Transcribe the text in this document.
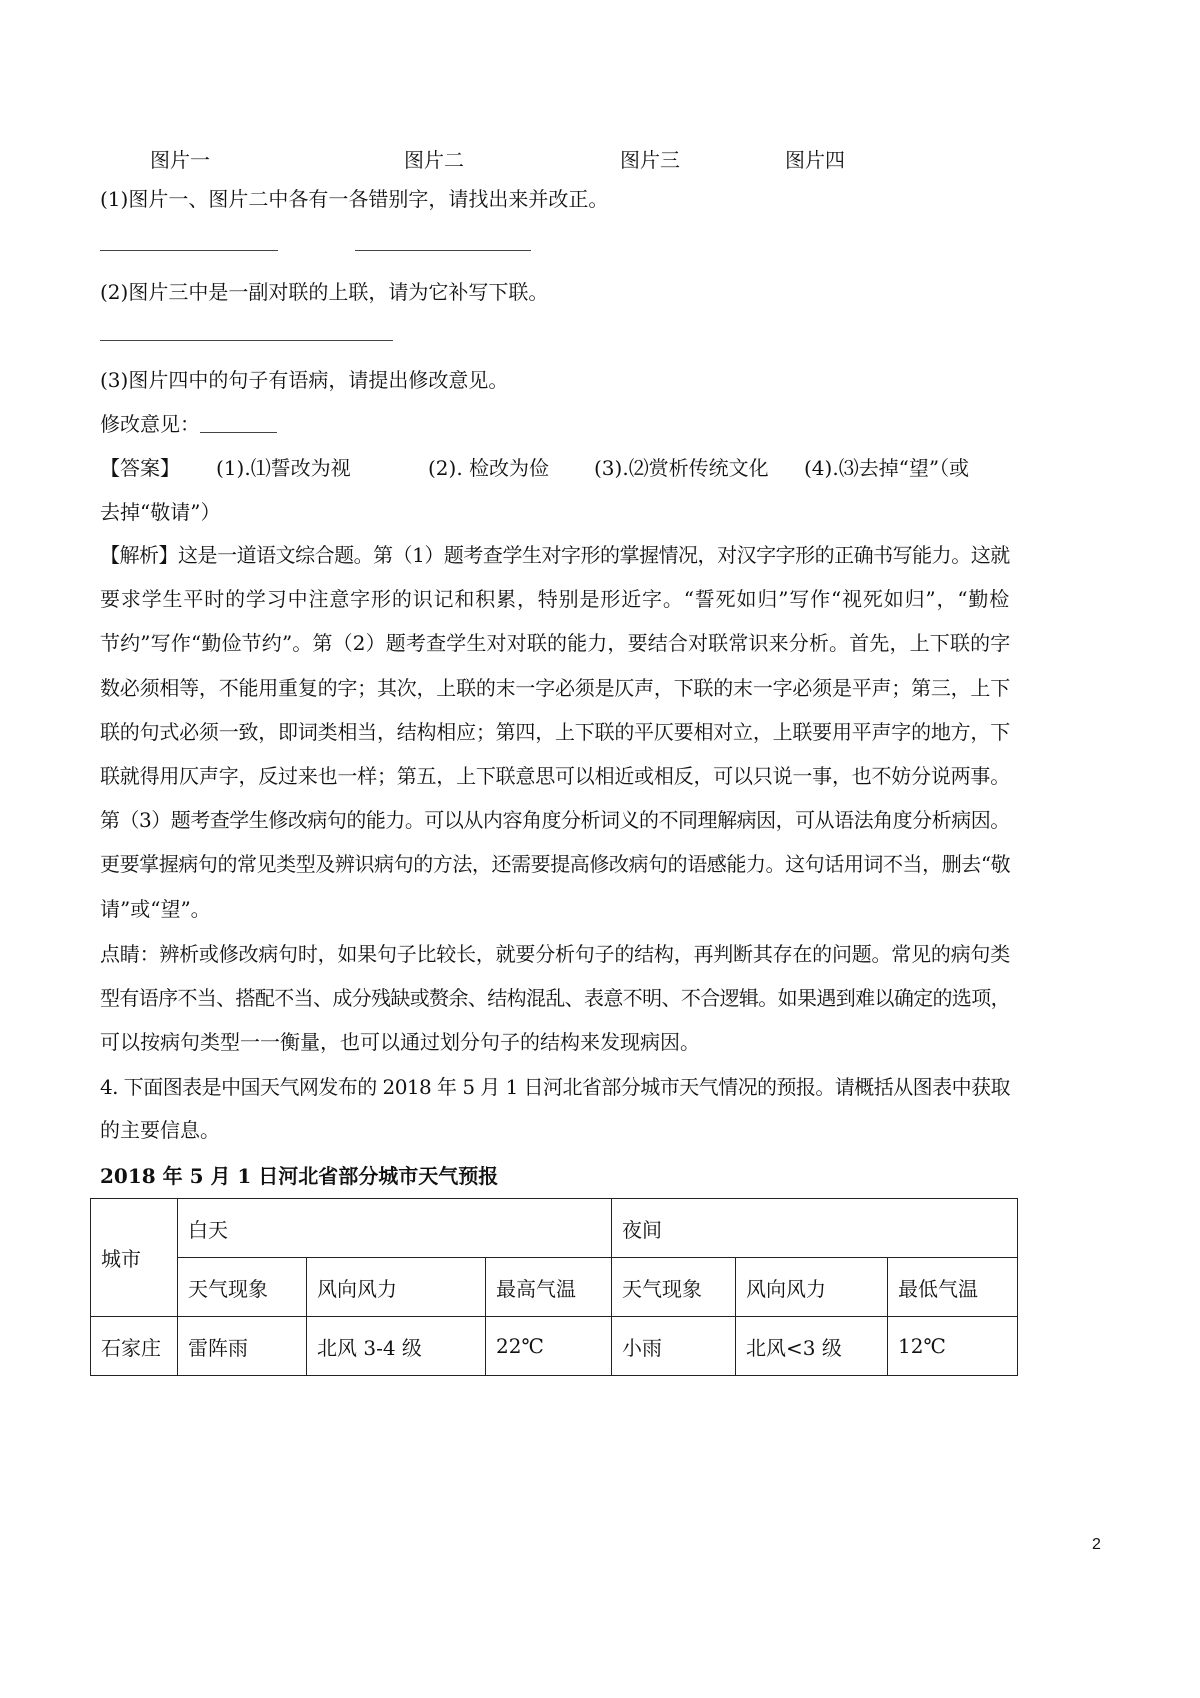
图片一	图片二	图片三	图片四
(1)图片一、图片二中各有一各错别字，请找出来并改正。
(2)图片三中是一副对联的上联，请为它补写下联。
(3)图片四中的句子有语病，请提出修改意见。
修改意见：
【答案】 (1).⑴誓改为视	(2). 检改为俭 (3).⑵赏析传统文化 (4).⑶去掉“望”（或
去掉“敬请”）
【解析】这是一道语文综合题。第（1）题考查学生对字形的掌握情况，对汉字字形的正确书写能力。这就
要求学生平时的学习中注意字形的识记和积累，特别是形近字。“誓死如归”写作“视死如归”，“勤检
节约”写作“勤俭节约”。第（2）题考查学生对对联的能力，要结合对联常识来分析。首先，上下联的字
数必须相等，不能用重复的字；其次，上联的末一字必须是仄声，下联的末一字必须是平声；第三，上下
联的句式必须一致，即词类相当，结构相应；第四，上下联的平仄要相对立，上联要用平声字的地方，下
联就得用仄声字，反过来也一样；第五，上下联意思可以相近或相反，可以只说一事，也不妨分说两事。
第（3）题考查学生修改病句的能力。可以从内容角度分析词义的不同理解病因，可从语法角度分析病因。
更要掌握病句的常见类型及辨识病句的方法，还需要提高修改病句的语感能力。这句话用词不当，删去“敬
请”或“望”。
点睛：辨析或修改病句时，如果句子比较长，就要分析句子的结构，再判断其存在的问题。常见的病句类
型有语序不当、搭配不当、成分残缺或赘余、结构混乱、表意不明、不合逻辑。如果遇到难以确定的选项，
可以按病句类型一一衡量，也可以通过划分句子的结构来发现病因。
4. 下面图表是中国天气网发布的 2018 年 5 月 1 日河北省部分城市天气情况的预报。请概括从图表中获取
的主要信息。
2018 年 5 月 1 日河北省部分城市天气预报
城市	白天			夜间		
	天气现象	风向风力	最高气温	天气现象	风向风力	最低气温
石家庄	雷阵雨	北风 3-4 级	22℃	小雨	北风<3 级	12℃
2
